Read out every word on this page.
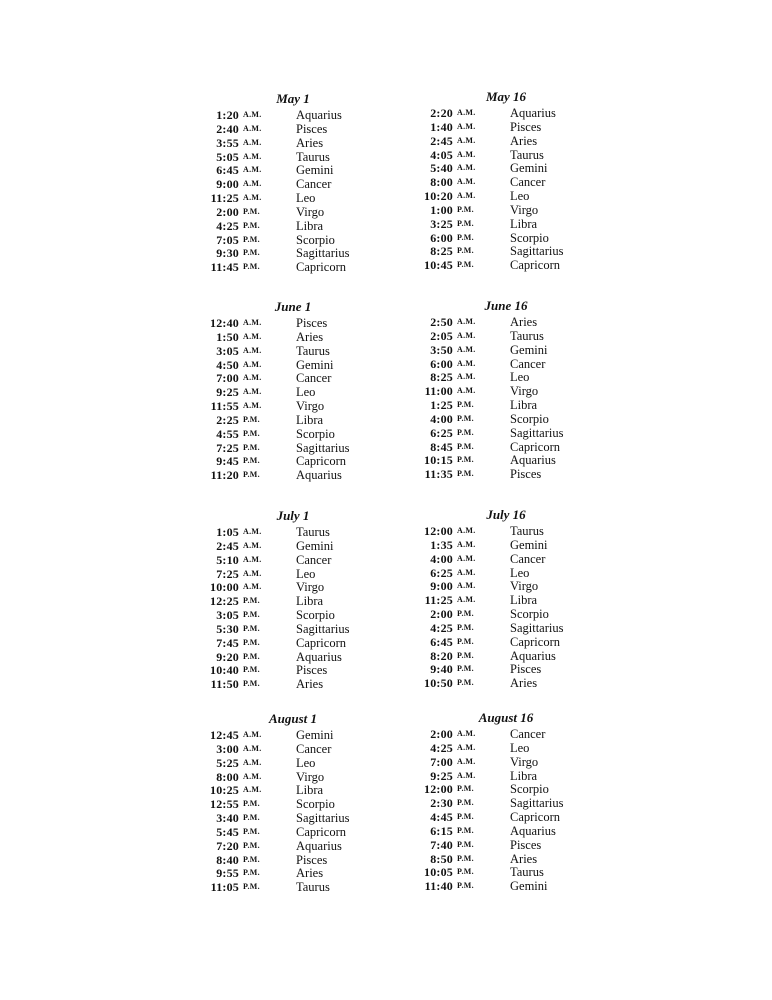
May 1
1:20 A.M.	Aquarius
2:40 A.M.	Pisces
3:55 A.M.	Aries
5:05 A.M.	Taurus
6:45 A.M.	Gemini
9:00 A.M.	Cancer
11:25 A.M.	Leo
2:00 P.M.	Virgo
4:25 P.M.	Libra
7:05 P.M.	Scorpio
9:30 P.M.	Sagittarius
11:45 P.M.	Capricorn
May 16
2:20 A.M.	Aquarius
1:40 A.M.	Pisces
2:45 A.M.	Aries
4:05 A.M.	Taurus
5:40 A.M.	Gemini
8:00 A.M.	Cancer
10:20 A.M.	Leo
1:00 P.M.	Virgo
3:25 P.M.	Libra
6:00 P.M.	Scorpio
8:25 P.M.	Sagittarius
10:45 P.M.	Capricorn
June 1
12:40 A.M.	Pisces
1:50 A.M.	Aries
3:05 A.M.	Taurus
4:50 A.M.	Gemini
7:00 A.M.	Cancer
9:25 A.M.	Leo
11:55 A.M.	Virgo
2:25 P.M.	Libra
4:55 P.M.	Scorpio
7:25 P.M.	Sagittarius
9:45 P.M.	Capricorn
11:20 P.M.	Aquarius
June 16
2:50 A.M.	Aries
2:05 A.M.	Taurus
3:50 A.M.	Gemini
6:00 A.M.	Cancer
8:25 A.M.	Leo
11:00 A.M.	Virgo
1:25 P.M.	Libra
4:00 P.M.	Scorpio
6:25 P.M.	Sagittarius
8:45 P.M.	Capricorn
10:15 P.M.	Aquarius
11:35 P.M.	Pisces
July 1
1:05 A.M.	Taurus
2:45 A.M.	Gemini
5:10 A.M.	Cancer
7:25 A.M.	Leo
10:00 A.M.	Virgo
12:25 P.M.	Libra
3:05 P.M.	Scorpio
5:30 P.M.	Sagittarius
7:45 P.M.	Capricorn
9:20 P.M.	Aquarius
10:40 P.M.	Pisces
11:50 P.M.	Aries
July 16
12:00 A.M.	Taurus
1:35 A.M.	Gemini
4:00 A.M.	Cancer
6:25 A.M.	Leo
9:00 A.M.	Virgo
11:25 A.M.	Libra
2:00 P.M.	Scorpio
4:25 P.M.	Sagittarius
6:45 P.M.	Capricorn
8:20 P.M.	Aquarius
9:40 P.M.	Pisces
10:50 P.M.	Aries
August 1
12:45 A.M.	Gemini
3:00 A.M.	Cancer
5:25 A.M.	Leo
8:00 A.M.	Virgo
10:25 A.M.	Libra
12:55 P.M.	Scorpio
3:40 P.M.	Sagittarius
5:45 P.M.	Capricorn
7:20 P.M.	Aquarius
8:40 P.M.	Pisces
9:55 P.M.	Aries
11:05 P.M.	Taurus
August 16
2:00 A.M.	Cancer
4:25 A.M.	Leo
7:00 A.M.	Virgo
9:25 A.M.	Libra
12:00 P.M.	Scorpio
2:30 P.M.	Sagittarius
4:45 P.M.	Capricorn
6:15 P.M.	Aquarius
7:40 P.M.	Pisces
8:50 P.M.	Aries
10:05 P.M.	Taurus
11:40 P.M.	Gemini
